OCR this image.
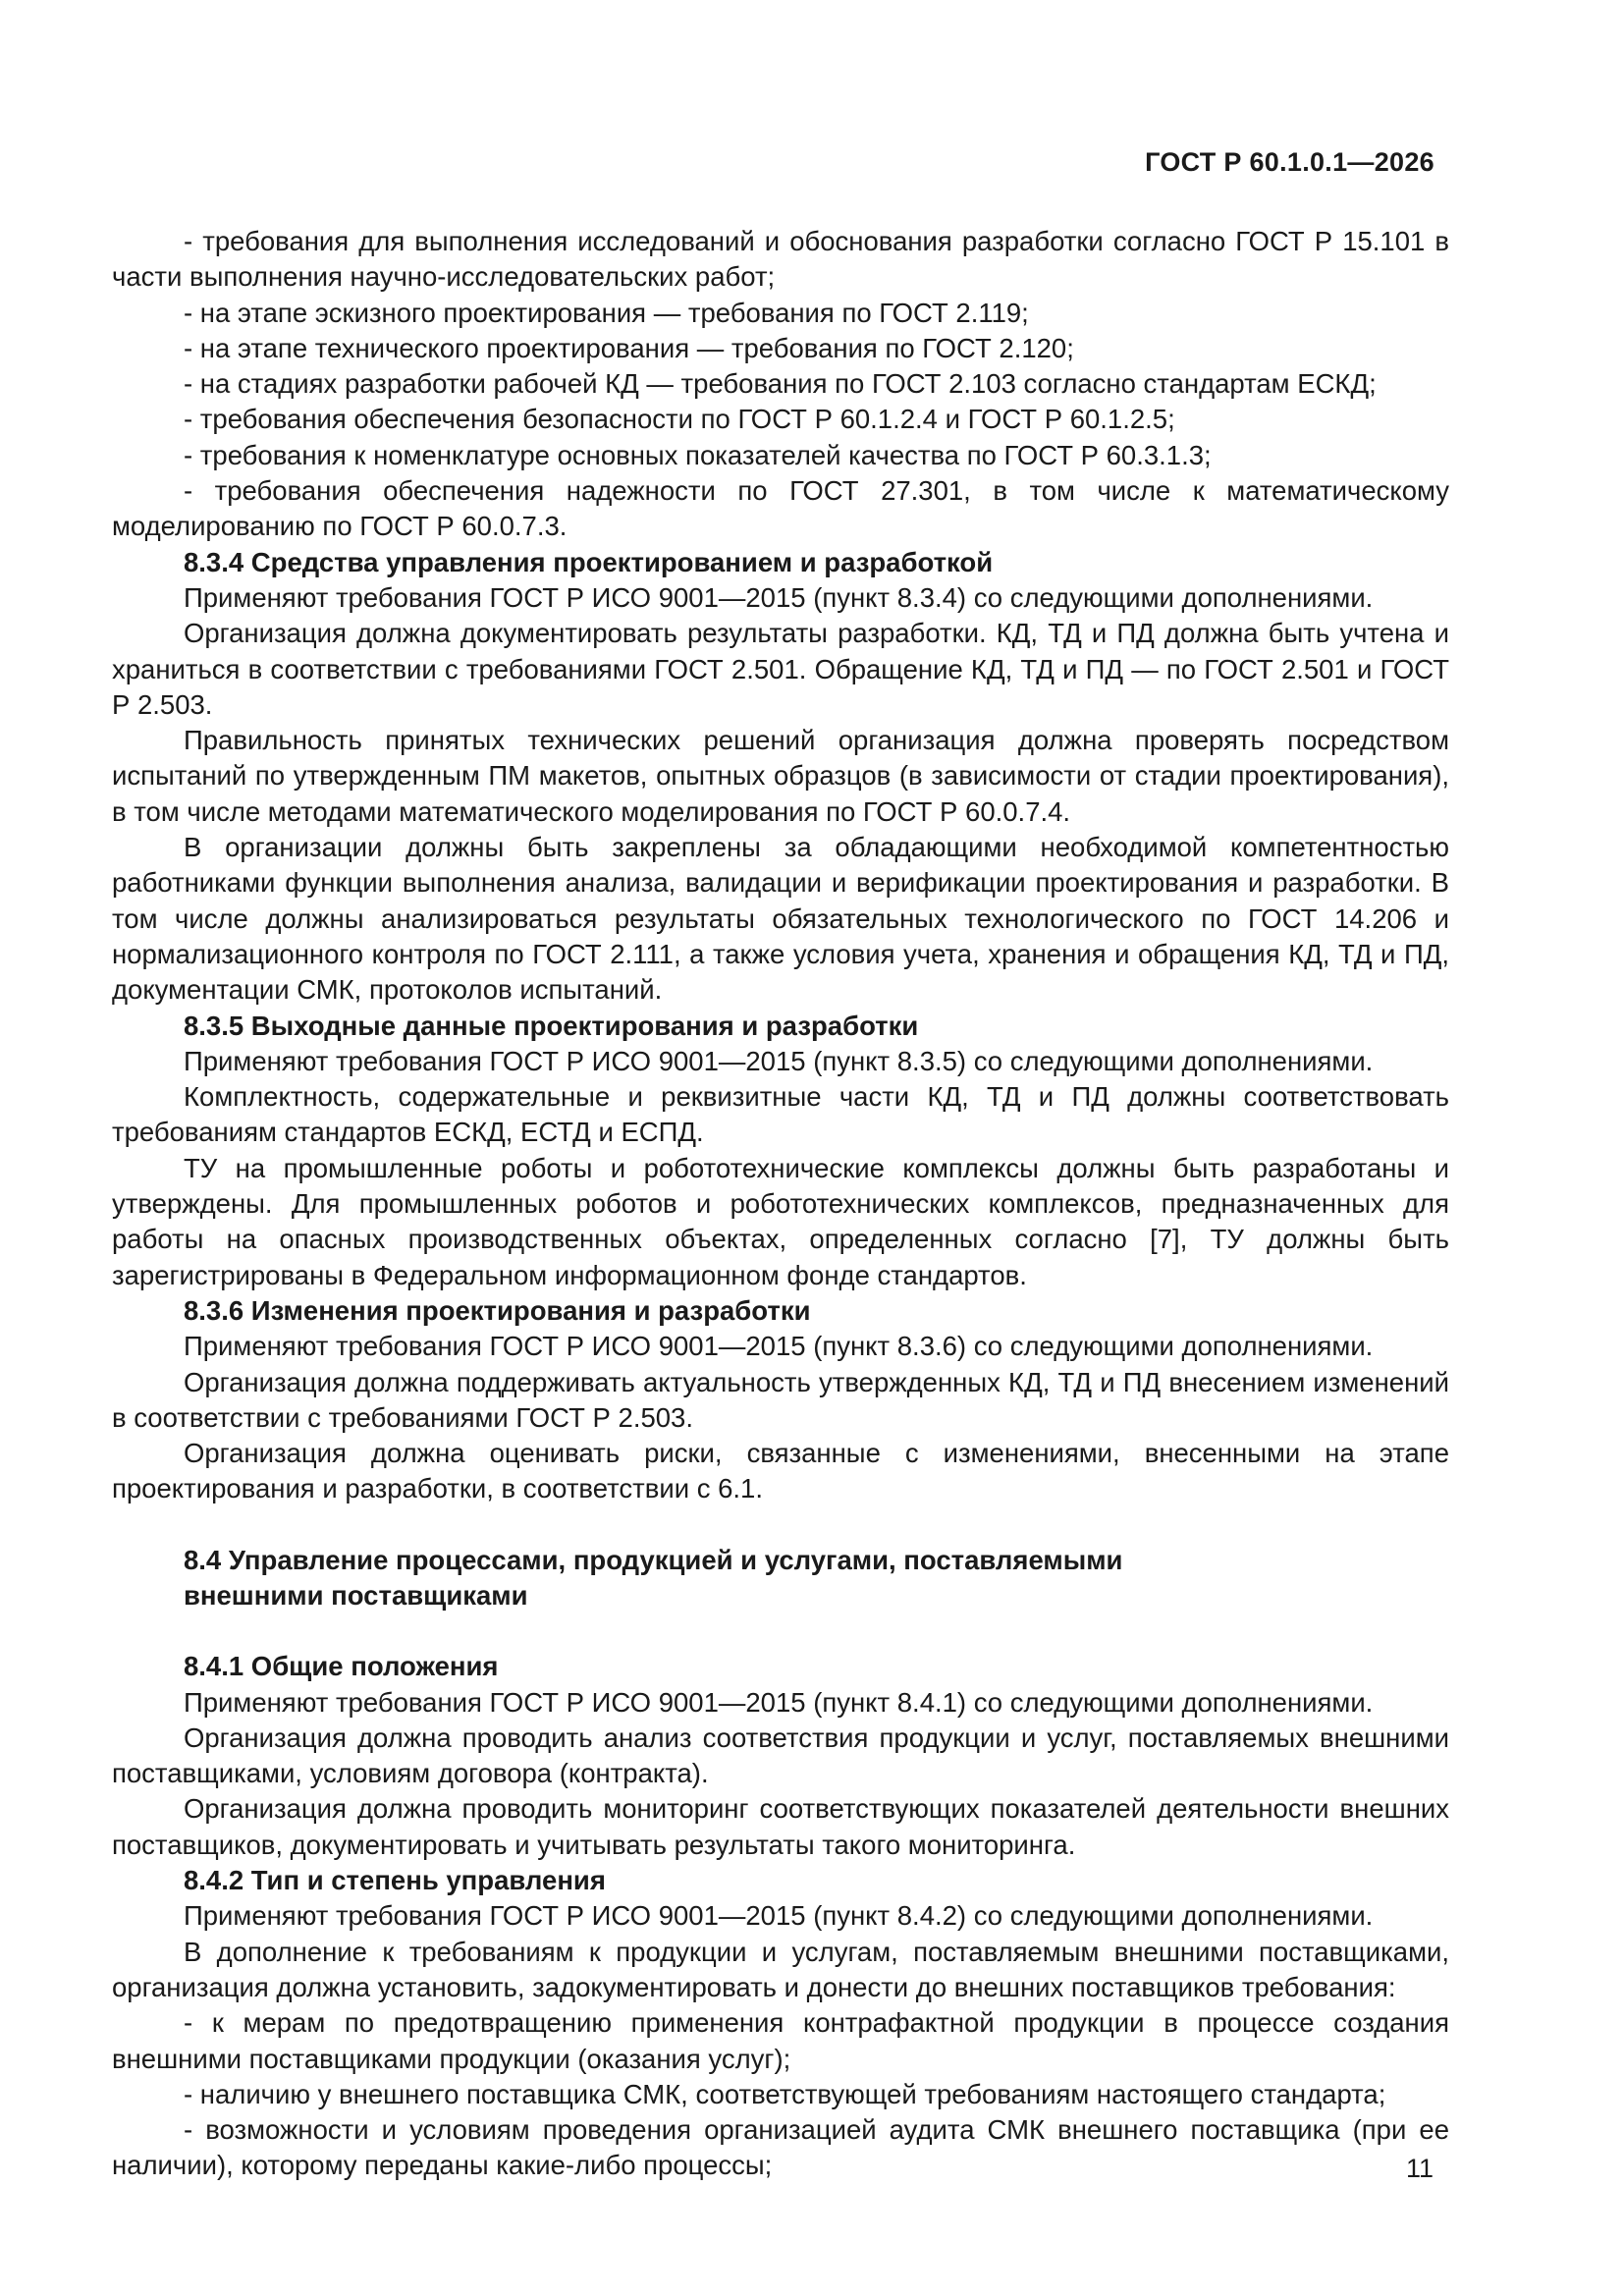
ГОСТ Р 60.1.0.1—2026

- требования для выполнения исследований и обоснования разработки согласно ГОСТ Р 15.101 в части выполнения научно-исследовательских работ;

- на этапе эскизного проектирования — требования по ГОСТ 2.119;

- на этапе технического проектирования — требования по ГОСТ 2.120;

- на стадиях разработки рабочей КД — требования по ГОСТ 2.103 согласно стандартам ЕСКД;

- требования обеспечения безопасности по ГОСТ Р 60.1.2.4 и ГОСТ Р 60.1.2.5;

- требования к номенклатуре основных показателей качества по ГОСТ Р 60.3.1.3;

- требования обеспечения надежности по ГОСТ 27.301, в том числе к математическому моделированию по ГОСТ Р 60.0.7.3.

8.3.4 Средства управления проектированием и разработкой

Применяют требования ГОСТ Р ИСО 9001—2015 (пункт 8.3.4) со следующими дополнениями.

Организация должна документировать результаты разработки. КД, ТД и ПД должна быть учтена и храниться в соответствии с требованиями ГОСТ 2.501. Обращение КД, ТД и ПД — по ГОСТ 2.501 и ГОСТ Р 2.503.

Правильность принятых технических решений организация должна проверять посредством испытаний по утвержденным ПМ макетов, опытных образцов (в зависимости от стадии проектирования), в том числе методами математического моделирования по ГОСТ Р 60.0.7.4.

В организации должны быть закреплены за обладающими необходимой компетентностью работниками функции выполнения анализа, валидации и верификации проектирования и разработки. В том числе должны анализироваться результаты обязательных технологического по ГОСТ 14.206 и нормализационного контроля по ГОСТ 2.111, а также условия учета, хранения и обращения КД, ТД и ПД, документации СМК, протоколов испытаний.

8.3.5 Выходные данные проектирования и разработки

Применяют требования ГОСТ Р ИСО 9001—2015 (пункт 8.3.5) со следующими дополнениями.

Комплектность, содержательные и реквизитные части КД, ТД и ПД должны соответствовать требованиям стандартов ЕСКД, ЕСТД и ЕСПД.

ТУ на промышленные роботы и робототехнические комплексы должны быть разработаны и утверждены. Для промышленных роботов и робототехнических комплексов, предназначенных для работы на опасных производственных объектах, определенных согласно [7], ТУ должны быть зарегистрированы в Федеральном информационном фонде стандартов.

8.3.6 Изменения проектирования и разработки

Применяют требования ГОСТ Р ИСО 9001—2015 (пункт 8.3.6) со следующими дополнениями.

Организация должна поддерживать актуальность утвержденных КД, ТД и ПД внесением изменений в соответствии с требованиями ГОСТ Р 2.503.

Организация должна оценивать риски, связанные с изменениями, внесенными на этапе проектирования и разработки, в соответствии с 6.1.

8.4 Управление процессами, продукцией и услугами, поставляемыми внешними поставщиками
8.4.1 Общие положения

Применяют требования ГОСТ Р ИСО 9001—2015 (пункт 8.4.1) со следующими дополнениями.

Организация должна проводить анализ соответствия продукции и услуг, поставляемых внешними поставщиками, условиям договора (контракта).

Организация должна проводить мониторинг соответствующих показателей деятельности внешних поставщиков, документировать и учитывать результаты такого мониторинга.

8.4.2 Тип и степень управления

Применяют требования ГОСТ Р ИСО 9001—2015 (пункт 8.4.2) со следующими дополнениями.

В дополнение к требованиям к продукции и услугам, поставляемым внешними поставщиками, организация должна установить, задокументировать и донести до внешних поставщиков требования:

- к мерам по предотвращению применения контрафактной продукции в процессе создания внешними поставщиками продукции (оказания услуг);

- наличию у внешнего поставщика СМК, соответствующей требованиям настоящего стандарта;

- возможности и условиям проведения организацией аудита СМК внешнего поставщика (при ее наличии), которому переданы какие-либо процессы;	11
